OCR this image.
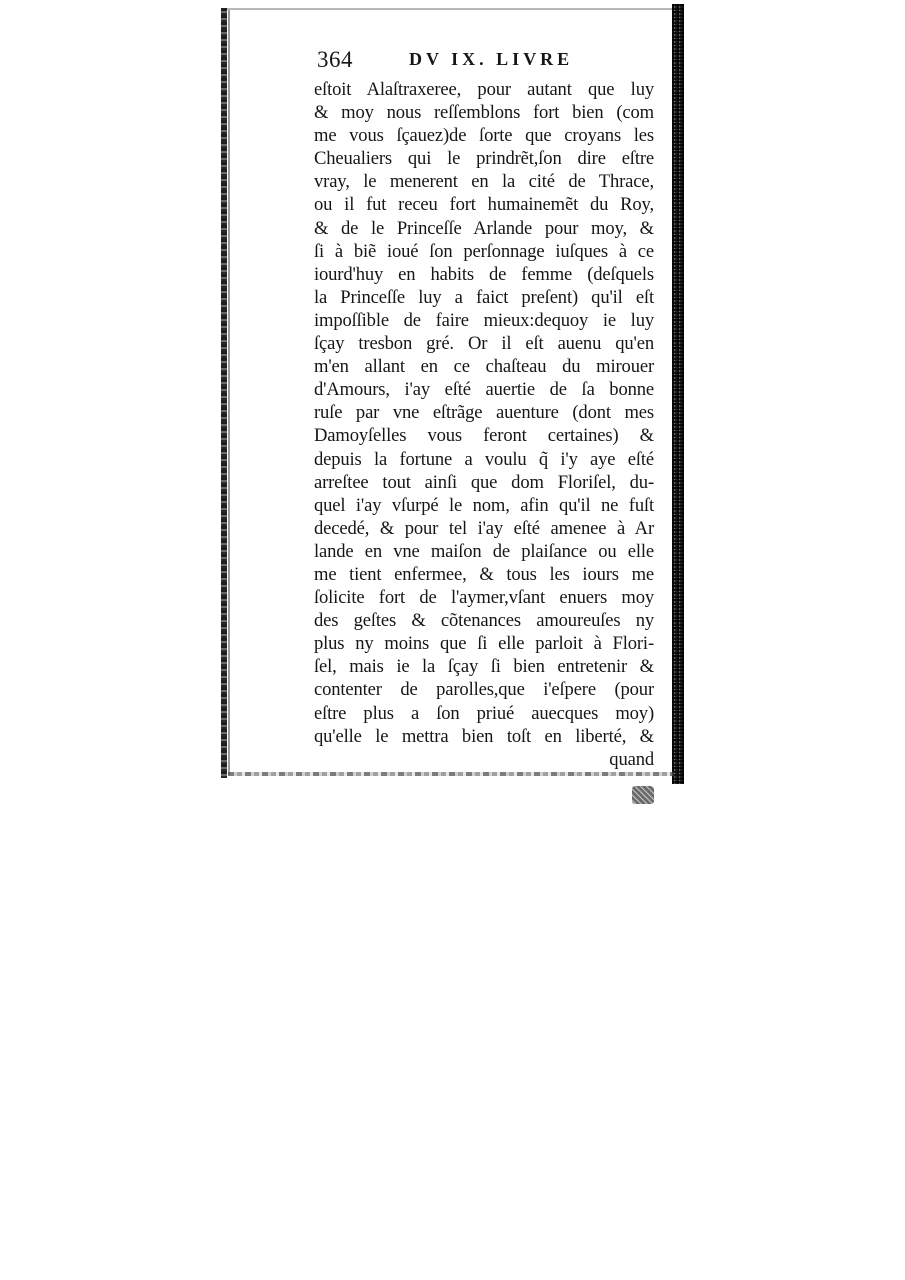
364	DV IX. LIVRE
eſtoit Alaſtraxeree, pour autant que luy
& moy nous reſſemblons fort bien (com
me vous ſçauez)de ſorte que croyans les
Cheualiers qui le prindrẽt,ſon dire eſtre
vray, le menerent en la cité de Thrace,
ou il fut receu fort humainemẽt du Roy,
& de le Princeſſe Arlande pour moy, &
ſi à biẽ ioué ſon perſonnage iuſques à ce
iourd'huy en habits de femme (deſquels
la Princeſſe luy a faict preſent) qu'il eſt
impoſſible de faire mieux:dequoy ie luy
ſçay tresbon gré. Or il eſt auenu qu'en
m'en allant en ce chaſteau du mirouer
d'Amours, i'ay eſté auertie de ſa bonne
ruſe par vne eſtrãge auenture (dont mes
Damoyſelles vous feront certaines) &
depuis la fortune a voulu q̃ i'y aye eſté
arreſtee tout ainſi que dom Floriſel, du-
quel i'ay vſurpé le nom, afin qu'il ne fuſt
decedé, & pour tel i'ay eſté amenee à Ar
lande en vne maiſon de plaiſance ou elle
me tient enfermee, & tous les iours me
ſolicite fort de l'aymer,vſant enuers moy
des geſtes & cõtenances amoureuſes ny
plus ny moins que ſi elle parloit à Flori-
ſel, mais ie la ſçay ſi bien entretenir &
contenter de parolles,que i'eſpere (pour
eſtre plus a ſon priué auecques moy)
qu'elle le mettra bien toſt en liberté, &
quand
